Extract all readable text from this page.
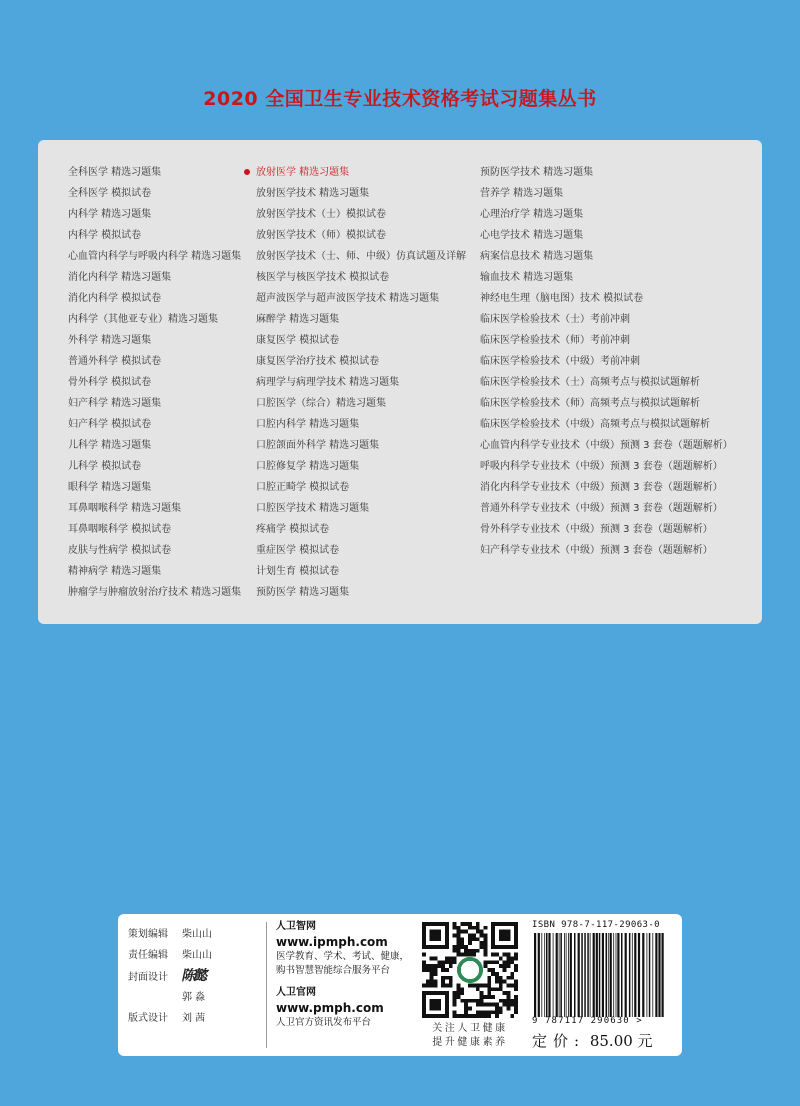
2020 全国卫生专业技术资格考试习题集丛书
全科医学 精选习题集
全科医学 模拟试卷
内科学 精选习题集
内科学 模拟试卷
心血管内科学与呼吸内科学 精选习题集
消化内科学 精选习题集
消化内科学 模拟试卷
内科学（其他亚专业）精选习题集
外科学 精选习题集
普通外科学 模拟试卷
骨外科学 模拟试卷
妇产科学 精选习题集
妇产科学 模拟试卷
儿科学 精选习题集
儿科学 模拟试卷
眼科学 精选习题集
耳鼻咽喉科学 精选习题集
耳鼻咽喉科学 模拟试卷
皮肤与性病学 模拟试卷
精神病学 精选习题集
肿瘤学与肿瘤放射治疗技术 精选习题集
放射医学 精选习题集
放射医学技术 精选习题集
放射医学技术（士）模拟试卷
放射医学技术（师）模拟试卷
放射医学技术（士、师、中级）仿真试题及详解
核医学与核医学技术 模拟试卷
超声波医学与超声波医学技术 精选习题集
麻醉学 精选习题集
康复医学 模拟试卷
康复医学治疗技术 模拟试卷
病理学与病理学技术 精选习题集
口腔医学（综合）精选习题集
口腔内科学 精选习题集
口腔颌面外科学 精选习题集
口腔修复学 精选习题集
口腔正畸学 模拟试卷
口腔医学技术 精选习题集
疼痛学 模拟试卷
重症医学 模拟试卷
计划生育 模拟试卷
预防医学 精选习题集
预防医学技术 精选习题集
营养学 精选习题集
心理治疗学 精选习题集
心电学技术 精选习题集
病案信息技术 精选习题集
输血技术 精选习题集
神经电生理（脑电图）技术 模拟试卷
临床医学检验技术（士）考前冲刺
临床医学检验技术（师）考前冲刺
临床医学检验技术（中级）考前冲刺
临床医学检验技术（士）高频考点与模拟试题解析
临床医学检验技术（师）高频考点与模拟试题解析
临床医学检验技术（中级）高频考点与模拟试题解析
心血管内科学专业技术（中级）预测 3 套卷（题题解析）
呼吸内科学专业技术（中级）预测 3 套卷（题题解析）
消化内科学专业技术（中级）预测 3 套卷（题题解析）
普通外科学专业技术（中级）预测 3 套卷（题题解析）
骨外科学专业技术（中级）预测 3 套卷（题题解析）
妇产科学专业技术（中级）预测 3 套卷（题题解析）
策划编辑 柴山山
责任编辑 柴山山
封面设计 陈懿
郭 淼
版式设计 刘 茜
人卫智网
www.ipmph.com
医学教育、学术、考试、健康，
购书智慧智能综合服务平台
人卫官网
www.pmph.com
人卫官方资讯发布平台
关注人卫健康
提升健康素养
ISBN 978-7-117-29063-0
9 787117 290630 >
定价: 85.00 元
